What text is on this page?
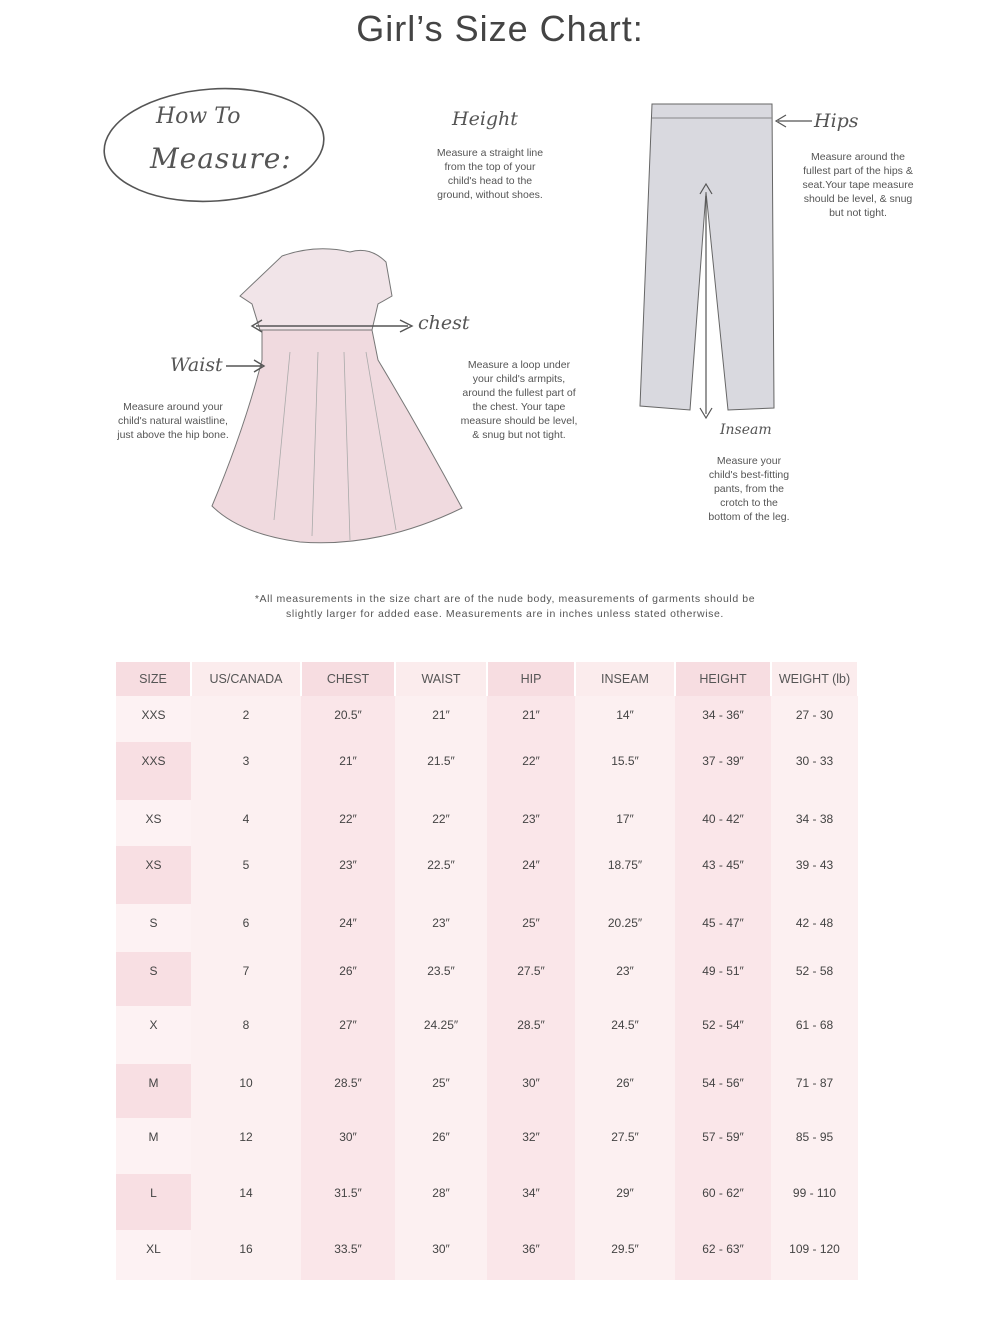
Girl’s Size Chart:
How To
Measure:
Height
Measure a straight line
from the top of your
child's head to the
ground, without shoes.
Hips
Measure around the
fullest part of the hips &
seat.Your tape measure
should be level, & snug
but not tight.
chest
Measure a loop under
your child's armpits,
around the fullest part of
the chest. Your tape
measure should be level,
& snug but not tight.
Waist
Measure around your
child's natural waistline,
just above the hip bone.	Inseam
Measure your
child's best-fitting
pants, from the
crotch to the
bottom of the leg.
*All measurements in the size chart are of the nude body, measurements of garments should be
slightly larger for added ease. Measurements are in inches unless stated otherwise.
SIZE	US/CANADA	CHEST	WAIST	HIP	INSEAM	HEIGHT	WEIGHT (lb)
XXS	2	20.5″	21″	21″	14″	34 - 36″	27 - 30
XXS	3	21″	21.5″	22″	15.5″	37 - 39″	30 - 33
XS	4	22″	22″	23″	17″	40 - 42″	34 - 38
XS	5	23″	22.5″	24″	18.75″	43 - 45″	39 - 43
S	6	24″	23″	25″	20.25″	45 - 47″	42 - 48
S	7	26″	23.5″	27.5″	23″	49 - 51″	52 - 58
X	8	27″	24.25″	28.5″	24.5″	52 - 54″	61 - 68
M	10	28.5″	25″	30″	26″	54 - 56″	71 - 87
M	12	30″	26″	32″	27.5″	57 - 59″	85 - 95
L	14	31.5″	28″	34″	29″	60 - 62″	99 - 110
XL	16	33.5″	30″	36″	29.5″	62 - 63″	109 - 120
